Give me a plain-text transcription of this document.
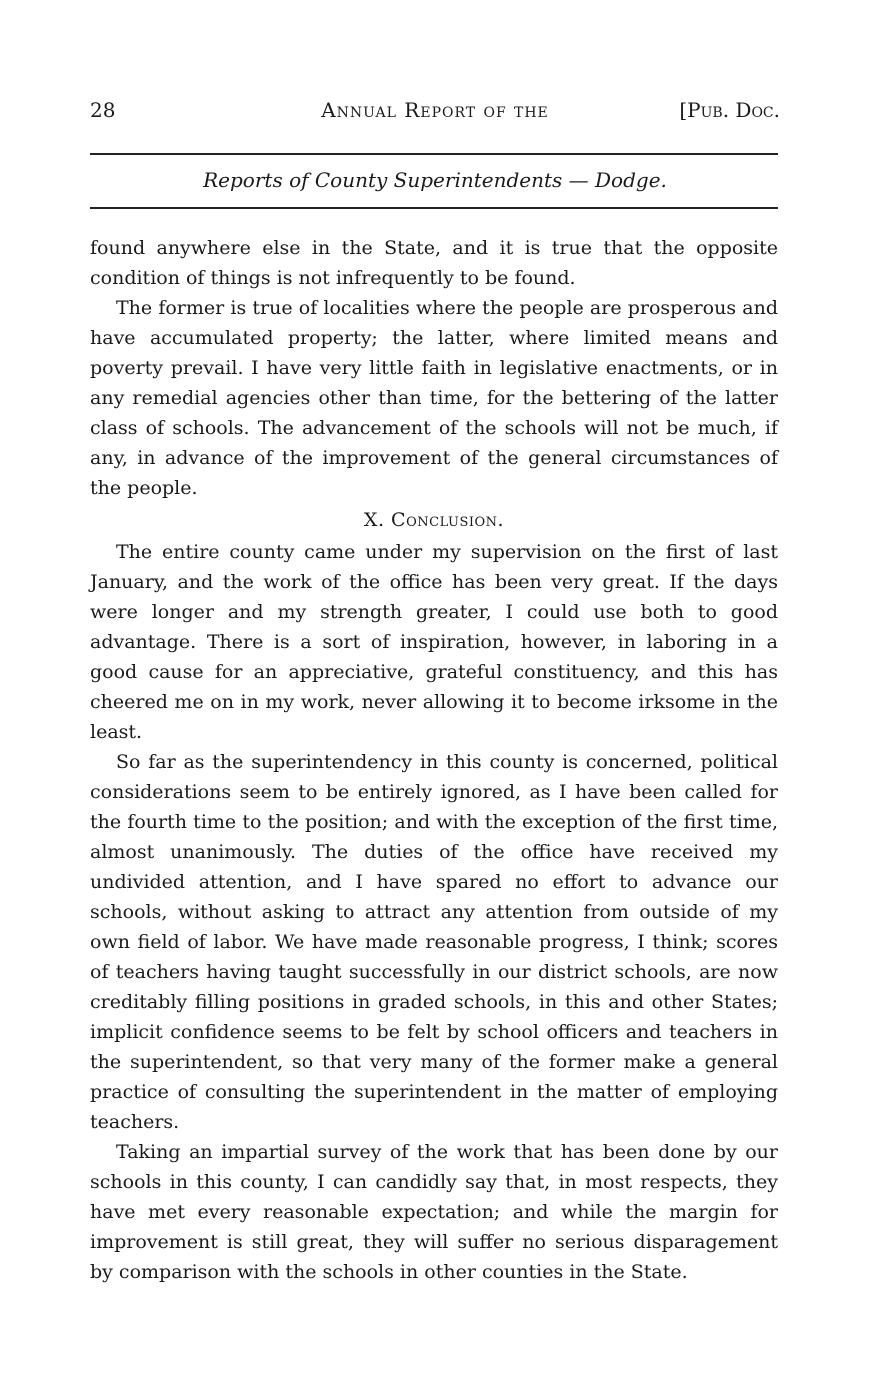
28	Annual Report of the	[Pub. Doc.
Reports of County Superintendents — Dodge.

found anywhere else in the State, and it is true that the opposite condition of things is not infrequently to be found.

The former is true of localities where the people are prosperous and have accumulated property; the latter, where limited means and poverty prevail. I have very little faith in legislative enactments, or in any remedial agencies other than time, for the bettering of the latter class of schools. The advancement of the schools will not be much, if any, in advance of the improvement of the general circumstances of the people.

X. Conclusion.

The entire county came under my supervision on the first of last January, and the work of the office has been very great. If the days were longer and my strength greater, I could use both to good advantage. There is a sort of inspiration, however, in laboring in a good cause for an appreciative, grateful constituency, and this has cheered me on in my work, never allowing it to become irksome in the least.

So far as the superintendency in this county is concerned, political considerations seem to be entirely ignored, as I have been called for the fourth time to the position; and with the exception of the first time, almost unanimously. The duties of the office have received my undivided attention, and I have spared no effort to advance our schools, without asking to attract any attention from outside of my own field of labor. We have made reasonable progress, I think; scores of teachers having taught successfully in our district schools, are now creditably filling positions in graded schools, in this and other States; implicit confidence seems to be felt by school officers and teachers in the superintendent, so that very many of the former make a general practice of consulting the superintendent in the matter of employing teachers.

Taking an impartial survey of the work that has been done by our schools in this county, I can candidly say that, in most respects, they have met every reasonable expectation; and while the margin for improvement is still great, they will suffer no serious disparagement by comparison with the schools in other counties in the State.
